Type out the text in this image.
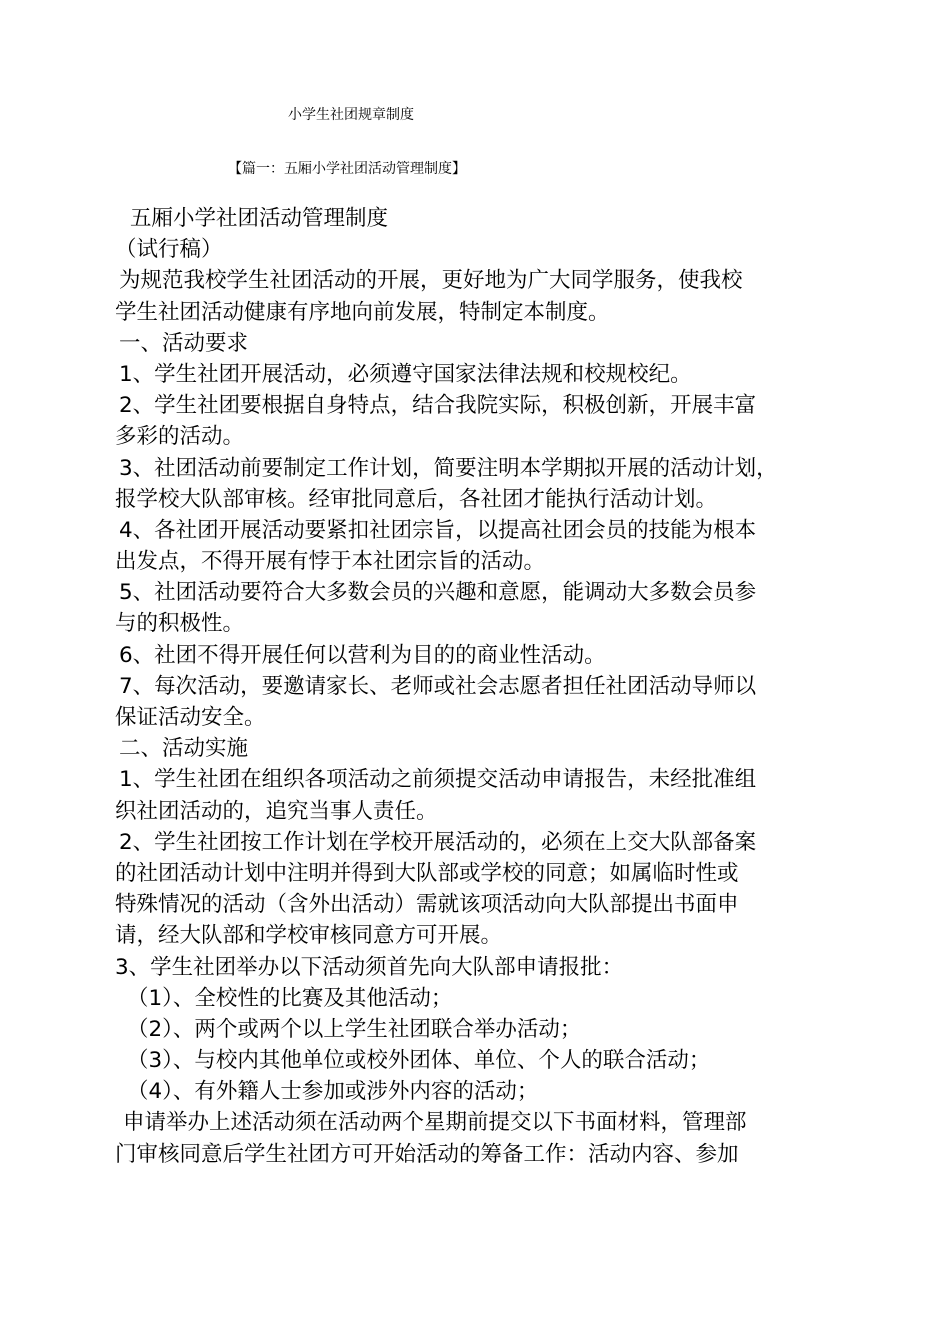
小学生社团规章制度
【篇一：五厢小学社团活动管理制度】
五厢小学社团活动管理制度
（试行稿）
为规范我校学生社团活动的开展，更好地为广大同学服务，使我校
学生社团活动健康有序地向前发展，特制定本制度。
一、活动要求
1、学生社团开展活动，必须遵守国家法律法规和校规校纪。
2、学生社团要根据自身特点，结合我院实际，积极创新，开展丰富
多彩的活动。
3、社团活动前要制定工作计划，简要注明本学期拟开展的活动计划，
报学校大队部审核。经审批同意后，各社团才能执行活动计划。
4、各社团开展活动要紧扣社团宗旨，以提高社团会员的技能为根本
出发点，不得开展有悖于本社团宗旨的活动。
5、社团活动要符合大多数会员的兴趣和意愿，能调动大多数会员参
与的积极性。
6、社团不得开展任何以营利为目的的商业性活动。
7、每次活动，要邀请家长、老师或社会志愿者担任社团活动导师以
保证活动安全。
二、活动实施
1、学生社团在组织各项活动之前须提交活动申请报告，未经批准组
织社团活动的，追究当事人责任。
2、学生社团按工作计划在学校开展活动的，必须在上交大队部备案
的社团活动计划中注明并得到大队部或学校的同意；如属临时性或
特殊情况的活动（含外出活动）需就该项活动向大队部提出书面申
请，经大队部和学校审核同意方可开展。
3、学生社团举办以下活动须首先向大队部申请报批：
（1）、全校性的比赛及其他活动；
（2）、两个或两个以上学生社团联合举办活动；
（3）、与校内其他单位或校外团体、单位、个人的联合活动；
（4）、有外籍人士参加或涉外内容的活动；
申请举办上述活动须在活动两个星期前提交以下书面材料，管理部
门审核同意后学生社团方可开始活动的筹备工作：活动内容、参加
